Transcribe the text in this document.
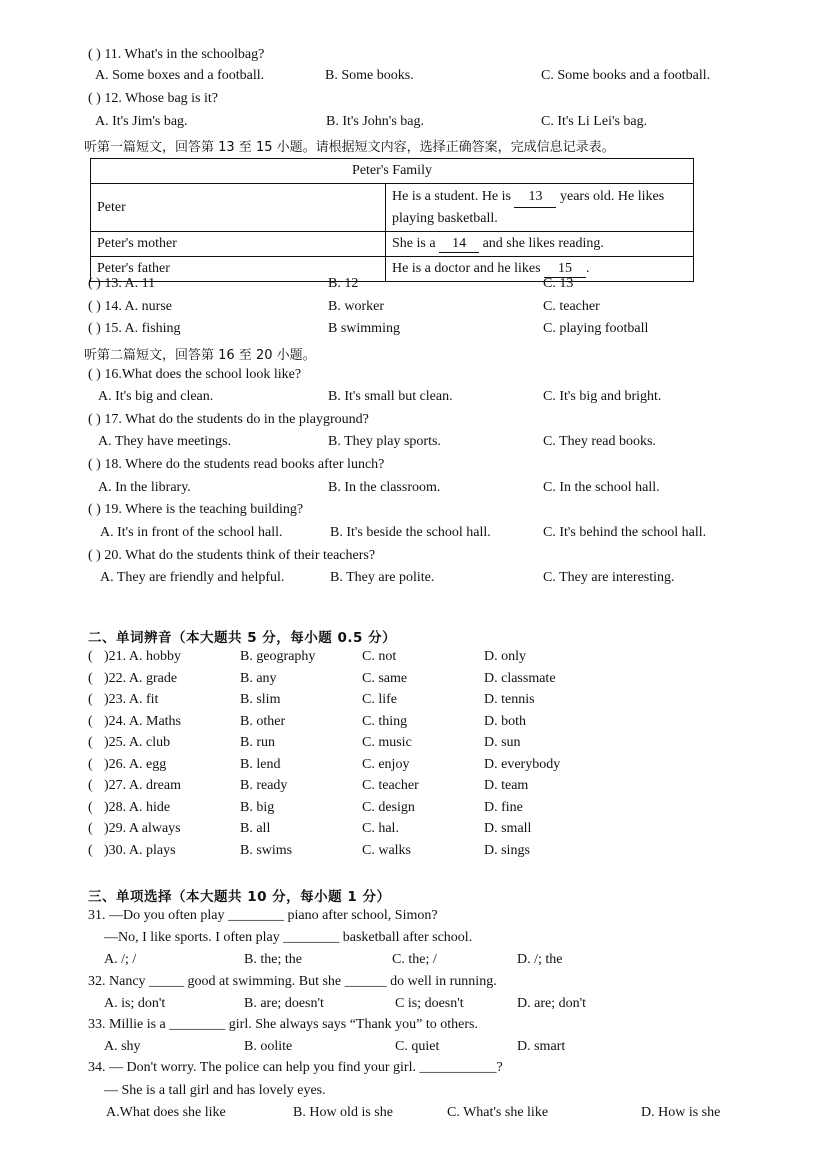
( ) 11. What's in the schoolbag?
A. Some boxes and a football.	B. Some books.	C. Some books and a football.
( ) 12. Whose bag is it?
A. It's Jim's bag.	B. It's John's bag.	C. It's Li Lei's bag.
听第一篇短文，回答第 13 至 15 小题。请根据短文内容，选择正确答案，完成信息记录表。
Peter's Family	
Peter	He is a student. He is 13 years old. He likes playing basketball.
Peter's mother	She is a 14 and she likes reading.
Peter's father	He is a doctor and he likes 15 .
( ) 13. A. 11	B. 12	C. 13
( ) 14. A. nurse	B. worker	C. teacher
( ) 15. A. fishing	B swimming	C. playing football
听第二篇短文，回答第 16 至 20 小题。
( ) 16.What does the school look like?
A. It's big and clean.	B. It's small but clean.	C. It's big and bright.
( ) 17. What do the students do in the playground?
A. They have meetings.	B. They play sports.	C. They read books.
( ) 18. Where do the students read books after lunch?
A. In the library.	B. In the classroom.	C. In the school hall.
( ) 19. Where is the teaching building?
A. It's in front of the school hall.	B. It's beside the school hall.	C. It's behind the school hall.
( ) 20. What do the students think of their teachers?
A. They are friendly and helpful.	B. They are polite.	C. They are interesting.
二、单词辨音（本大题共 5 分，每小题 0.5 分）
( )21. A. hobby	B. geography	C. not	D. only
( )22. A. grade	B. any	C. same	D. classmate
( )23. A. fit	B. slim	C. life	D. tennis
( )24. A. Maths	B. other	C. thing	D. both
( )25. A. club	B. run	C. music	D. sun
( )26. A. egg	B. lend	C. enjoy	D. everybody
( )27. A. dream	B. ready	C. teacher	D. team
( )28. A. hide	B. big	C. design	D. fine
( )29. A always	B. all	C. hal.	D. small
( )30. A. plays	B. swims	C. walks	D. sings
三、单项选择（本大题共 10 分，每小题 1 分）
31. —Do you often play ________ piano after school, Simon?
—No, I like sports. I often play ________ basketball after school.
A. /; /	B. the; the	C. the; /	D. /; the
32. Nancy _____ good at swimming. But she ______ do well in running.
A. is; don't	B. are; doesn't	C is; doesn't	D. are; don't
33. Millie is a ________ girl. She always says “Thank you” to others.
A. shy	B. oolite	C. quiet	D. smart
34. — Don't worry. The police can help you find your girl. ___________?
— She is a tall girl and has lovely eyes.
A.What does she like	B. How old is she	C. What's she like	D. How is she
